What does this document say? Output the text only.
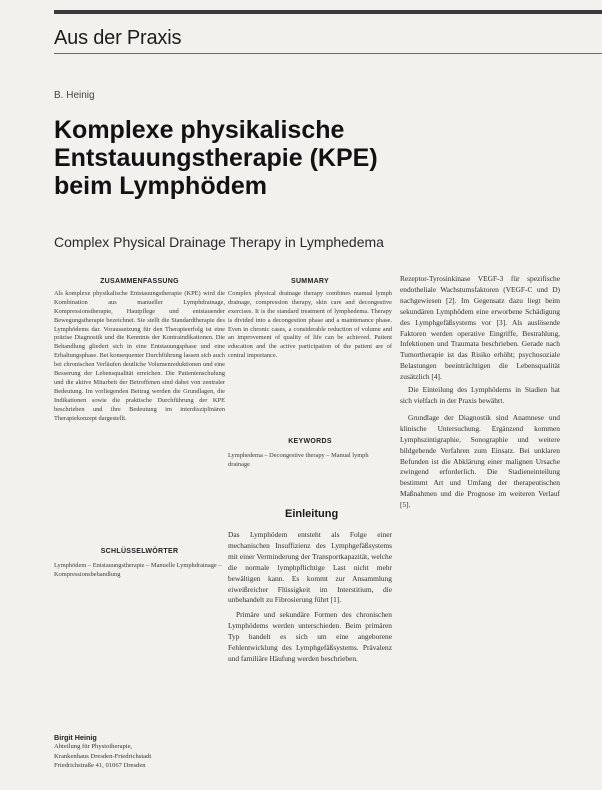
Aus der Praxis
B. Heinig
Komplexe physikalische
Entstauungstherapie (KPE)
beim Lymphödem
Complex Physical Drainage Therapy in Lymphedema
ZUSAMMENFASSUNG

Als komplexe physikalische Entstauungstherapie (KPE) wird die Kombination aus manueller Lymphdrainage, Kompressionstherapie, Hautpflege und entstauender Bewegungstherapie bezeichnet. Sie stellt die Standardtherapie des Lymphödems dar. Voraussetzung für den Therapieerfolg ist eine präzise Diagnostik und die Kenntnis der Kontraindikationen. Die Behandlung gliedert sich in eine Entstauungsphase und eine Erhaltungsphase. Bei konsequenter Durchführung lassen sich auch bei chronischen Verläufen deutliche Volumenreduktionen und eine Besserung der Lebensqualität erreichen. Die Patientenschulung und die aktive Mitarbeit der Betroffenen sind dabei von zentraler Bedeutung. Im vorliegenden Beitrag werden die Grundlagen, die Indikationen sowie die praktische Durchführung der KPE beschrieben und ihre Bedeutung im interdisziplinären Therapiekonzept dargestellt.

SCHLÜSSELWÖRTER

Lymphödem – Entstauungstherapie – Manuelle Lymphdrainage – Kompressionsbehandlung

SUMMARY

Complex physical drainage therapy combines manual lymph drainage, compression therapy, skin care and decongestive exercises. It is the standard treatment of lymphedema. Therapy is divided into a decongestion phase and a maintenance phase. Even in chronic cases, a considerable reduction of volume and an improvement of quality of life can be achieved. Patient education and the active participation of the patient are of central importance.

KEYWORDS

Lymphedema – Decongestive therapy – Manual lymph drainage

Einleitung

Das Lymphödem entsteht als Folge einer mechanischen Insuffizienz des Lymphgefäßsystems mit einer Verminderung der Transportkapazität, welche die normale lymphpflichtige Last nicht mehr bewältigen kann. Es kommt zur Ansammlung eiweißreicher Flüssigkeit im Interstitium, die unbehandelt zu Fibrosierung führt [1].

Primäre und sekundäre Formen des chronischen Lymphödems werden unterschieden. Beim primären Typ handelt es sich um eine angeborene Fehlentwicklung des Lymphgefäßsystems. Prävalenz und familiäre Häufung werden beschrieben.

Rezeptor-Tyrosinkinase VEGF-3 für spezifische endotheliale Wachstumsfaktoren (VEGF-C und D) nachgewiesen [2]. Im Gegensatz dazu liegt beim sekundären Lymphödem eine erworbene Schädigung des Lymphgefäßsystems vor [3]. Als auslösende Faktoren werden operative Eingriffe, Bestrahlung, Infektionen und Traumata beschrieben. Gerade nach Tumortherapie ist das Risiko erhöht; psychosoziale Belastungen beeinträchtigen die Lebensqualität zusätzlich [4].

Die Einteilung des Lymphödems in Stadien hat sich vielfach in der Praxis bewährt.

Grundlage der Diagnostik sind Anamnese und klinische Untersuchung. Ergänzend kommen Lymphszintigraphie, Sonographie und weitere bildgebende Verfahren zum Einsatz. Bei unklaren Befunden ist die Abklärung einer malignen Ursache zwingend erforderlich. Die Stadieneinteilung bestimmt Art und Umfang der therapeutischen Maßnahmen und die Prognose im weiteren Verlauf [5].

Birgit Heinig
Abteilung für Physiotherapie,
Krankenhaus Dresden-Friedrichstadt
Friedrichstraße 41, 01067 Dresden
